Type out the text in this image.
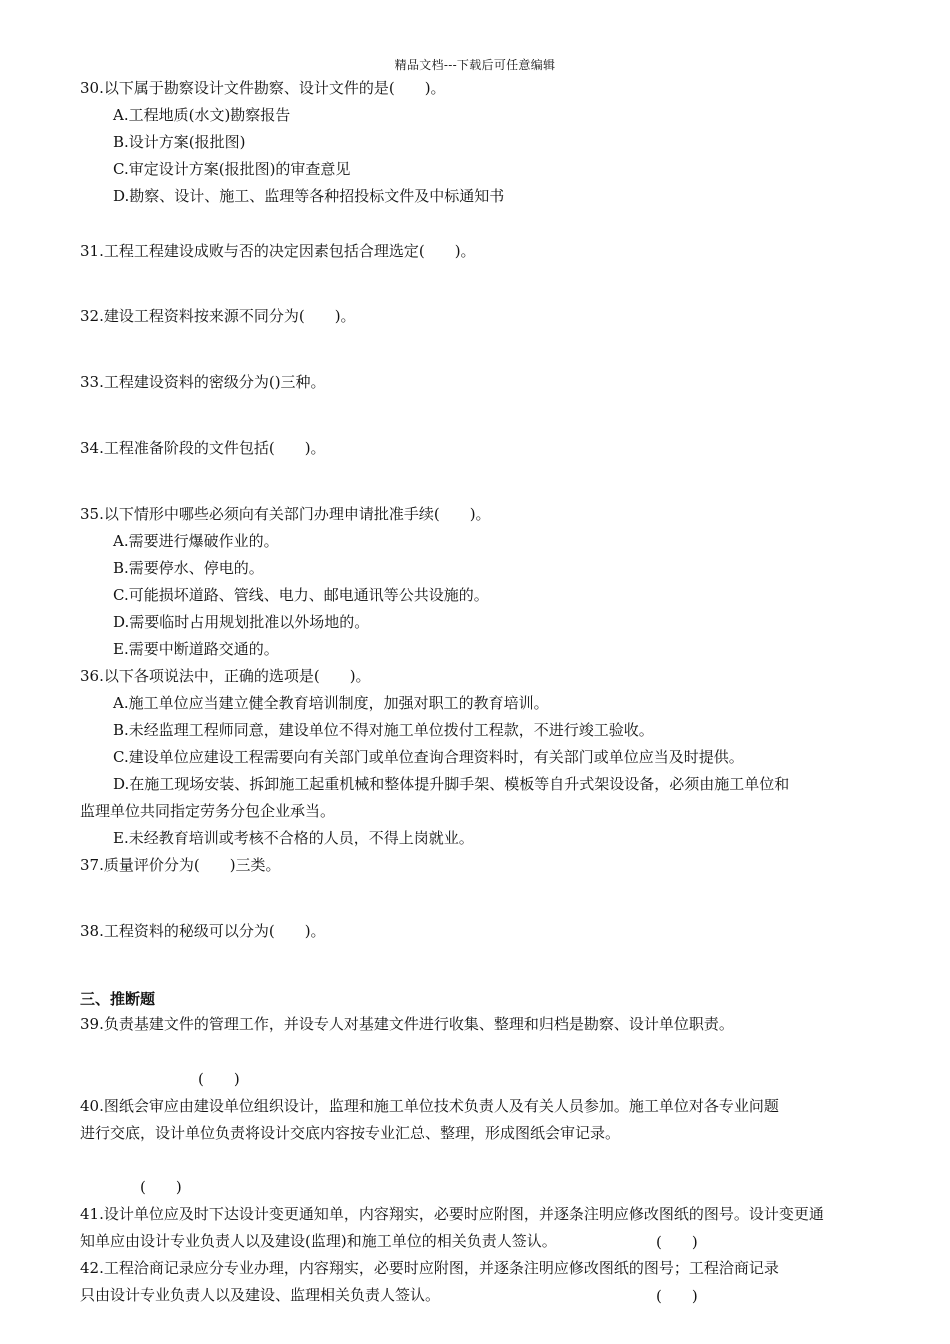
精品文档---下载后可任意编辑
30.以下属于勘察设计文件勘察、设计文件的是(　　)。
A.工程地质(水文)勘察报告
B.设计方案(报批图)
C.审定设计方案(报批图)的审查意见
D.勘察、设计、施工、监理等各种招投标文件及中标通知书
31.工程工程建设成败与否的决定因素包括合理选定(　　)。
32.建设工程资料按来源不同分为(　　)。
33.工程建设资料的密级分为()三种。
34.工程准备阶段的文件包括(　　)。
35.以下情形中哪些必须向有关部门办理申请批准手续(　　)。
A.需要进行爆破作业的。
B.需要停水、停电的。
C.可能损坏道路、管线、电力、邮电通讯等公共设施的。
D.需要临时占用规划批准以外场地的。
E.需要中断道路交通的。
36.以下各项说法中，正确的选项是(　　)。
A.施工单位应当建立健全教育培训制度，加强对职工的教育培训。
B.未经监理工程师同意，建设单位不得对施工单位拨付工程款，不进行竣工验收。
C.建设单位应建设工程需要向有关部门或单位查询合理资料时，有关部门或单位应当及时提供。
D.在施工现场安装、拆卸施工起重机械和整体提升脚手架、模板等自升式架设设备，必须由施工单位和
监理单位共同指定劳务分包企业承当。
E.未经教育培训或考核不合格的人员，不得上岗就业。
37.质量评价分为(　　)三类。
38.工程资料的秘级可以分为(　　)。
三、推断题
39.负责基建文件的管理工作，并设专人对基建文件进行收集、整理和归档是勘察、设计单位职责。
(　　)
40.图纸会审应由建设单位组织设计，监理和施工单位技术负责人及有关人员参加。施工单位对各专业问题
进行交底，设计单位负责将设计交底内容按专业汇总、整理，形成图纸会审记录。
(　　)
41.设计单位应及时下达设计变更通知单，内容翔实，必要时应附图，并逐条注明应修改图纸的图号。设计变更通
知单应由设计专业负责人以及建设(监理)和施工单位的相关负责人签认。	(　　)
42.工程洽商记录应分专业办理，内容翔实，必要时应附图，并逐条注明应修改图纸的图号；工程洽商记录
只由设计专业负责人以及建设、监理相关负责人签认。	(　　)
